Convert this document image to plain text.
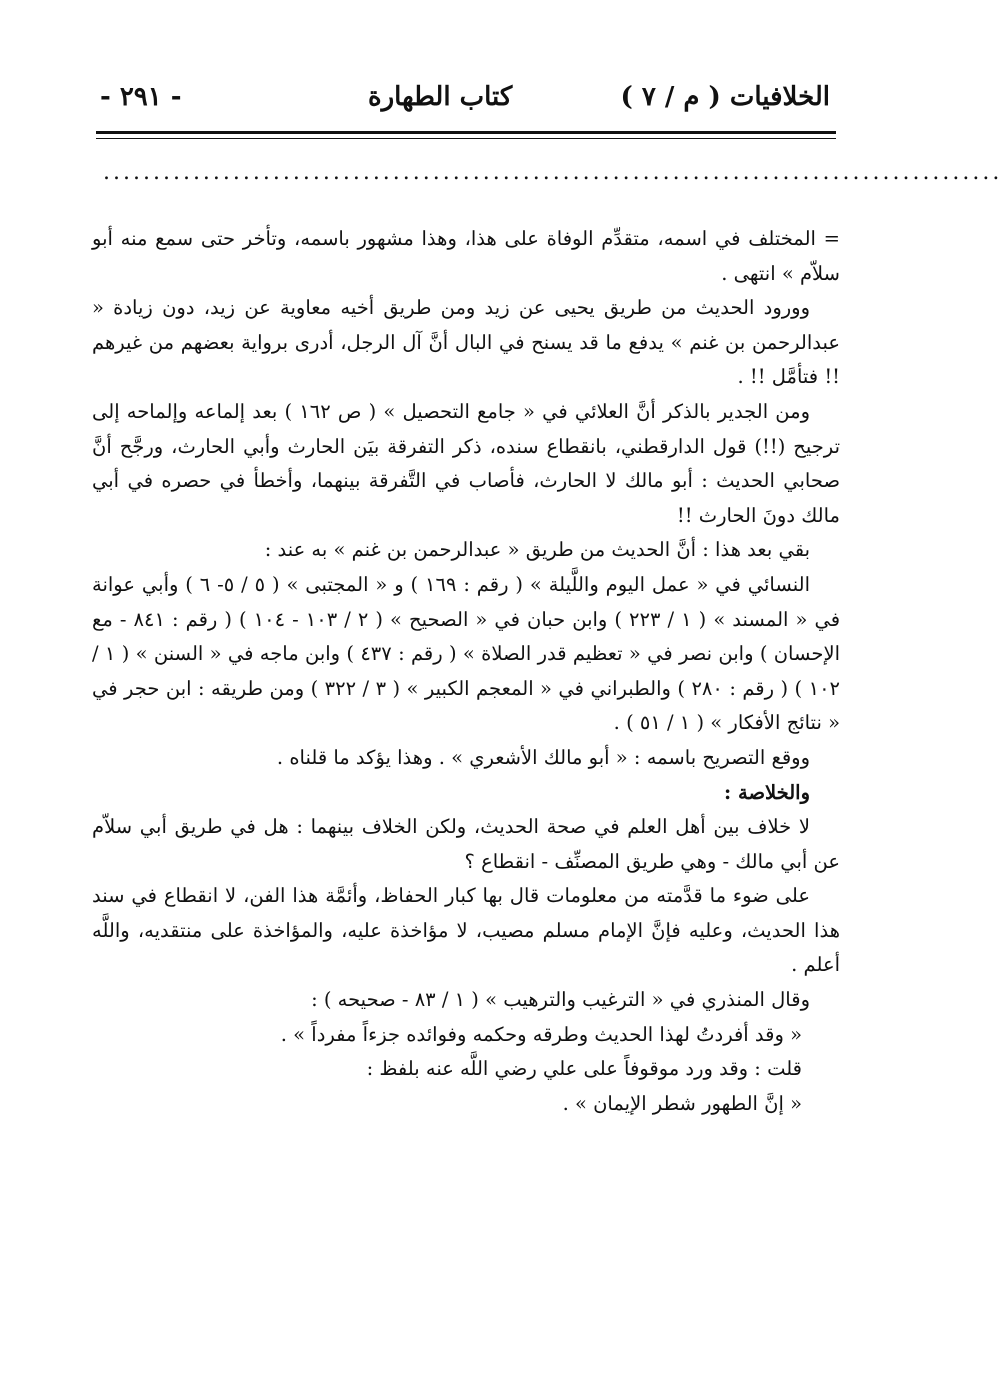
الخلافيات ( م / ٧ )
كتاب الطهارة
- ٢٩١ -
..........................................................................................

= المختلف في اسمه، متقدِّم الوفاة على هذا، وهذا مشهور باسمه، وتأخر حتى سمع منه أبو سلاّم » انتهى .

وورود الحديث من طريق يحيى عن زيد ومن طريق أخيه معاوية عن زيد، دون زيادة « عبدالرحمن بن غنم » يدفع ما قد يسنح في البال أنَّ آل الرجل، أدرى برواية بعضهم من غيرهم !! فتأمَّل !! .

ومن الجدير بالذكر أنَّ العلائي في « جامع التحصيل » ( ص ١٦٢ ) بعد إلماعه وإلماحه إلى ترجيح (!!) قول الدارقطني، بانقطاع سنده، ذكر التفرقة بيَن الحارث وأبي الحارث، ورجَّح أنَّ صحابي الحديث : أبو مالك لا الحارث، فأصاب في التَّفرقة بينهما، وأخطأ في حصره في أبي مالك دونَ الحارث !!

بقي بعد هذا : أنَّ الحديث من طريق « عبدالرحمن بن غنم » به عند :

النسائي في « عمل اليوم واللَّيلة » ( رقم : ١٦٩ ) و « المجتبى » ( ٥ / ٥- ٦ ) وأبي عوانة في « المسند » ( ١ / ٢٢٣ ) وابن حبان في « الصحيح » ( ٢ / ١٠٣ - ١٠٤ ) ( رقم : ٨٤١ - مع الإحسان ) وابن نصر في « تعظيم قدر الصلاة » ( رقم : ٤٣٧ ) وابن ماجه في « السنن » ( ١ / ١٠٢ ) ( رقم : ٢٨٠ ) والطبراني في « المعجم الكبير » ( ٣ / ٣٢٢ ) ومن طريقه : ابن حجر في « نتائج الأفكار » ( ١ / ٥١ ) .

ووقع التصريح باسمه : « أبو مالك الأشعري » . وهذا يؤكد ما قلناه .

والخلاصة :

لا خلاف بين أهل العلم في صحة الحديث، ولكن الخلاف بينهما : هل في طريق أبي سلاّم عن أبي مالك - وهي طريق المصنِّف - انقطاع ؟

على ضوء ما قدَّمته من معلومات قال بها كبار الحفاظ، وأئمَّة هذا الفن، لا انقطاع في سند هذا الحديث، وعليه فإنَّ الإمام مسلم مصيب، لا مؤاخذة عليه، والمؤاخذة على منتقديه، واللَّه أعلم .

وقال المنذري في « الترغيب والترهيب » ( ١ / ٨٣ - صحيحه ) :

« وقد أفردتُ لهذا الحديث وطرقه وحكمه وفوائده جزءاً مفرداً » .

قلت : وقد ورد موقوفاً على علي رضي اللَّه عنه بلفظ :

« إنَّ الطهور شطر الإيمان » .
